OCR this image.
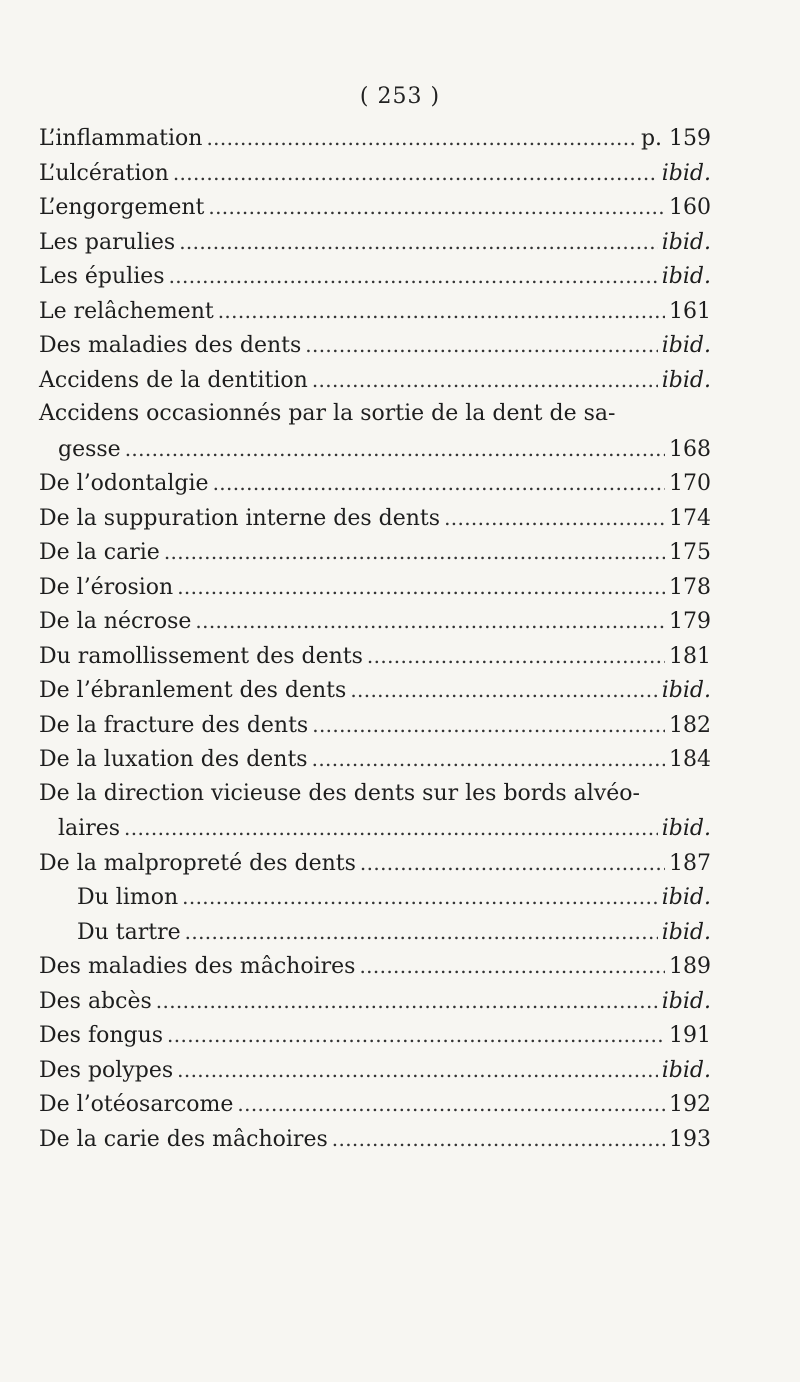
( 253 )
L’inflammation . . .	p. 159
L’ulcération . . .	ibid.
L’engorgement . . .	160
Les parulies . . .	ibid.
Les épulies . . .	ibid.
Le relâchement . . .	161
Des maladies des dents . . .	ibid.
Accidens de la dentition . . .	ibid.
Accidens occasionnés par la sortie de la dent de sa-
gesse . . .	168
De l’odontalgie . . .	170
De la suppuration interne des dents . . .	174
De la carie . . .	175
De l’érosion . . .	178
De la nécrose . . .	179
Du ramollissement des dents . . .	181
De l’ébranlement des dents . . .	ibid.
De la fracture des dents . . .	182
De la luxation des dents . . .	184
De la direction vicieuse des dents sur les bords alvéo-
laires . . .	ibid.
De la malpropreté des dents . . .	187
Du limon . . .	ibid.
Du tartre . . .	ibid.
Des maladies des mâchoires . . .	189
Des abcès . . .	ibid.
Des fongus . . .	191
Des polypes . . .	ibid.
De l’otéosarcome . . .	192
De la carie des mâchoires . . .	193
